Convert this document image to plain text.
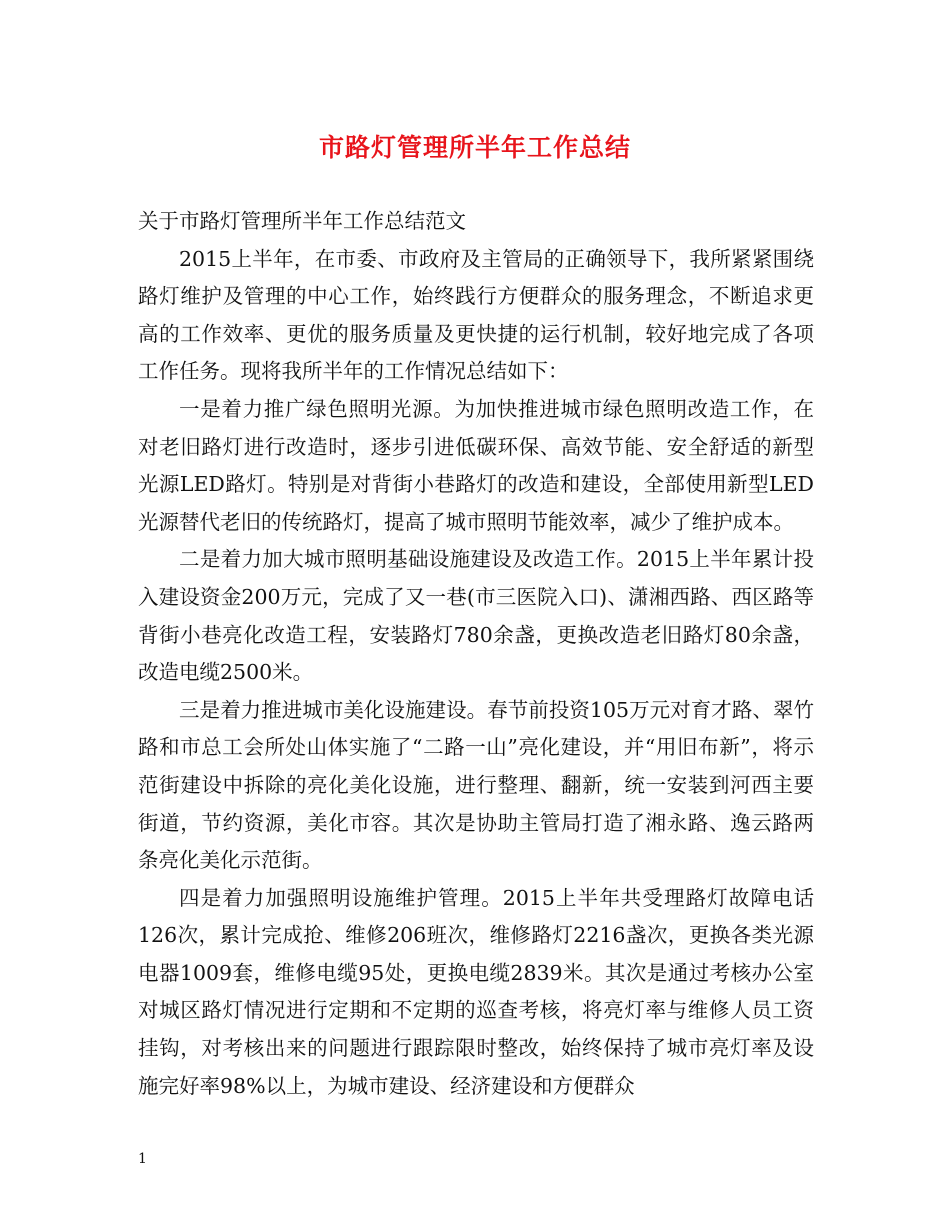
市路灯管理所半年工作总结

关于市路灯管理所半年工作总结范文

2015上半年，在市委、市政府及主管局的正确领导下，我所紧紧围绕路灯维护及管理的中心工作，始终践行方便群众的服务理念，不断追求更高的工作效率、更优的服务质量及更快捷的运行机制，较好地完成了各项工作任务。现将我所半年的工作情况总结如下：

一是着力推广绿色照明光源。为加快推进城市绿色照明改造工作，在对老旧路灯进行改造时，逐步引进低碳环保、高效节能、安全舒适的新型光源LED路灯。特别是对背街小巷路灯的改造和建设，全部使用新型LED光源替代老旧的传统路灯，提高了城市照明节能效率，减少了维护成本。

二是着力加大城市照明基础设施建设及改造工作。2015上半年累计投入建设资金200万元，完成了又一巷(市三医院入口)、潇湘西路、西区路等背街小巷亮化改造工程，安装路灯780余盏，更换改造老旧路灯80余盏，改造电缆2500米。

三是着力推进城市美化设施建设。春节前投资105万元对育才路、翠竹路和市总工会所处山体实施了“二路一山”亮化建设，并“用旧布新”，将示范街建设中拆除的亮化美化设施，进行整理、翻新，统一安装到河西主要街道，节约资源，美化市容。其次是协助主管局打造了湘永路、逸云路两条亮化美化示范街。

四是着力加强照明设施维护管理。2015上半年共受理路灯故障电话126次，累计完成抢、维修206班次，维修路灯2216盏次，更换各类光源电器1009套，维修电缆95处，更换电缆2839米。其次是通过考核办公室对城区路灯情况进行定期和不定期的巡查考核，将亮灯率与维修人员工资挂钩，对考核出来的问题进行跟踪限时整改，始终保持了城市亮灯率及设施完好率98%以上，为城市建设、经济建设和方便群众

1
